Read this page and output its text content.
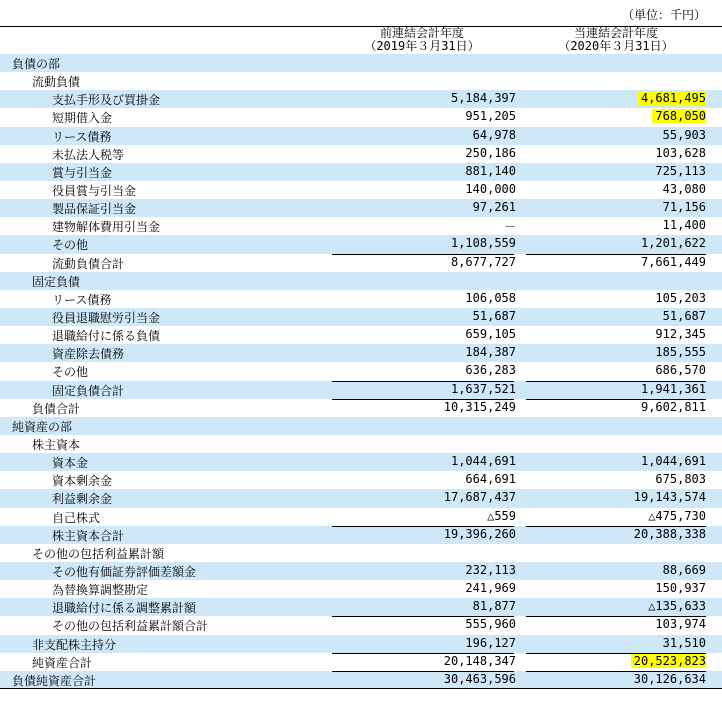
（単位：千円）
前連結会計年度
（2019年３月31日）
当連結会計年度
（2020年３月31日）
負債の部
流動負債
支払手形及び買掛金	5,184,397	4,681,495
短期借入金	951,205	768,050
リース債務	64,978	55,903
未払法人税等	250,186	103,628
賞与引当金	881,140	725,113
役員賞与引当金	140,000	43,080
製品保証引当金	97,261	71,156
建物解体費用引当金	－	11,400
その他	1,108,559	1,201,622
流動負債合計	8,677,727	7,661,449
固定負債
リース債務	106,058	105,203
役員退職慰労引当金	51,687	51,687
退職給付に係る負債	659,105	912,345
資産除去債務	184,387	185,555
その他	636,283	686,570
固定負債合計	1,637,521	1,941,361
負債合計	10,315,249	9,602,811
純資産の部
株主資本
資本金	1,044,691	1,044,691
資本剰余金	664,691	675,803
利益剰余金	17,687,437	19,143,574
自己株式	△559	△475,730
株主資本合計	19,396,260	20,388,338
その他の包括利益累計額
その他有価証券評価差額金	232,113	88,669
為替換算調整勘定	241,969	150,937
退職給付に係る調整累計額	81,877	△135,633
その他の包括利益累計額合計	555,960	103,974
非支配株主持分	196,127	31,510
純資産合計	20,148,347	20,523,823
負債純資産合計	30,463,596	30,126,634
